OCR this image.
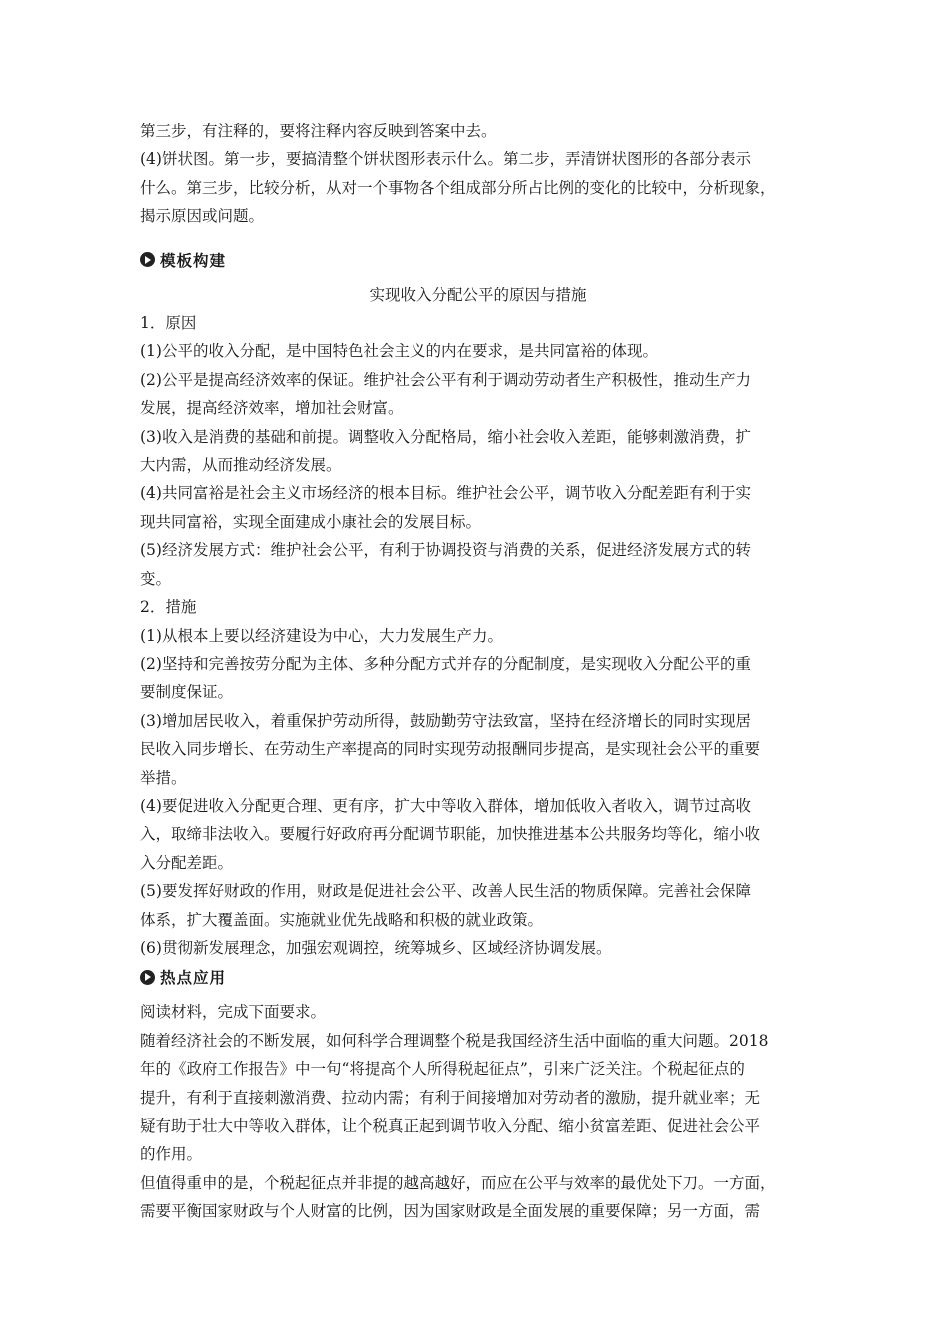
第三步，有注释的，要将注释内容反映到答案中去。

(4)饼状图。第一步，要搞清整个饼状图形表示什么。第二步，弄清饼状图形的各部分表示

什么。第三步，比较分析，从对一个事物各个组成部分所占比例的变化的比较中，分析现象，

揭示原因或问题。

模板构建

实现收入分配公平的原因与措施

1．原因

(1)公平的收入分配，是中国特色社会主义的内在要求，是共同富裕的体现。

(2)公平是提高经济效率的保证。维护社会公平有利于调动劳动者生产积极性，推动生产力

发展，提高经济效率，增加社会财富。

(3)收入是消费的基础和前提。调整收入分配格局，缩小社会收入差距，能够刺激消费，扩

大内需，从而推动经济发展。

(4)共同富裕是社会主义市场经济的根本目标。维护社会公平，调节收入分配差距有利于实

现共同富裕，实现全面建成小康社会的发展目标。

(5)经济发展方式：维护社会公平，有利于协调投资与消费的关系，促进经济发展方式的转

变。

2．措施

(1)从根本上要以经济建设为中心，大力发展生产力。

(2)坚持和完善按劳分配为主体、多种分配方式并存的分配制度，是实现收入分配公平的重

要制度保证。

(3)增加居民收入，着重保护劳动所得，鼓励勤劳守法致富，坚持在经济增长的同时实现居

民收入同步增长、在劳动生产率提高的同时实现劳动报酬同步提高，是实现社会公平的重要

举措。

(4)要促进收入分配更合理、更有序，扩大中等收入群体，增加低收入者收入，调节过高收

入，取缔非法收入。要履行好政府再分配调节职能，加快推进基本公共服务均等化，缩小收

入分配差距。

(5)要发挥好财政的作用，财政是促进社会公平、改善人民生活的物质保障。完善社会保障

体系，扩大覆盖面。实施就业优先战略和积极的就业政策。

(6)贯彻新发展理念，加强宏观调控，统筹城乡、区域经济协调发展。

热点应用

阅读材料，完成下面要求。

随着经济社会的不断发展，如何科学合理调整个税是我国经济生活中面临的重大问题。2018

年的《政府工作报告》中一句“将提高个人所得税起征点”，引来广泛关注。个税起征点的

提升，有利于直接刺激消费、拉动内需；有利于间接增加对劳动者的激励，提升就业率；无

疑有助于壮大中等收入群体，让个税真正起到调节收入分配、缩小贫富差距、促进社会公平

的作用。

但值得重申的是，个税起征点并非提的越高越好，而应在公平与效率的最优处下刀。一方面，

需要平衡国家财政与个人财富的比例，因为国家财政是全面发展的重要保障；另一方面，需
